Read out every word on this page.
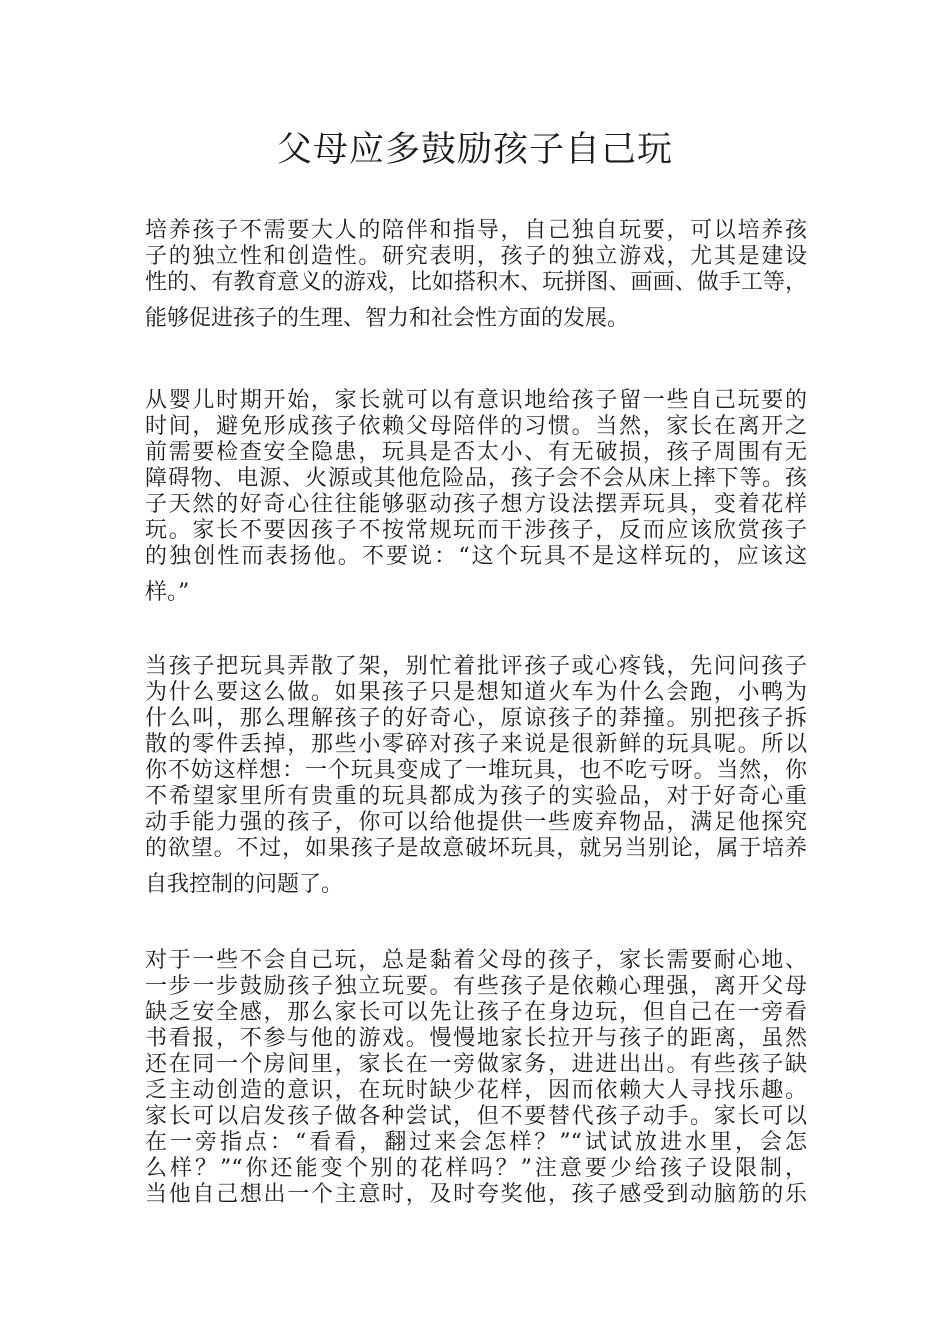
父母应多鼓励孩子自己玩
培养孩子不需要大人的陪伴和指导，自己独自玩要，可以培养孩
子的独立性和创造性。研究表明，孩子的独立游戏，尤其是建设
性的、有教育意义的游戏，比如搭积木、玩拼图、画画、做手工等，
能够促进孩子的生理、智力和社会性方面的发展。
从婴儿时期开始，家长就可以有意识地给孩子留一些自己玩要的
时间，避免形成孩子依赖父母陪伴的习惯。当然，家长在离开之
前需要检查安全隐患，玩具是否太小、有无破损，孩子周围有无
障碍物、电源、火源或其他危险品，孩子会不会从床上摔下等。孩
子天然的好奇心往往能够驱动孩子想方设法摆弄玩具，变着花样
玩。家长不要因孩子不按常规玩而干涉孩子，反而应该欣赏孩子
的独创性而表扬他。不要说：“这个玩具不是这样玩的，应该这
样。”
当孩子把玩具弄散了架，别忙着批评孩子或心疼钱，先问问孩子
为什么要这么做。如果孩子只是想知道火车为什么会跑，小鸭为
什么叫，那么理解孩子的好奇心，原谅孩子的莽撞。别把孩子拆
散的零件丢掉，那些小零碎对孩子来说是很新鲜的玩具呢。所以
你不妨这样想：一个玩具变成了一堆玩具，也不吃亏呀。当然，你
不希望家里所有贵重的玩具都成为孩子的实验品，对于好奇心重
动手能力强的孩子，你可以给他提供一些废弃物品，满足他探究
的欲望。不过，如果孩子是故意破坏玩具，就另当别论，属于培养
自我控制的问题了。
对于一些不会自己玩，总是黏着父母的孩子，家长需要耐心地、
一步一步鼓励孩子独立玩要。有些孩子是依赖心理强，离开父母
缺乏安全感，那么家长可以先让孩子在身边玩，但自己在一旁看
书看报，不参与他的游戏。慢慢地家长拉开与孩子的距离，虽然
还在同一个房间里，家长在一旁做家务，进进出出。有些孩子缺
乏主动创造的意识，在玩时缺少花样，因而依赖大人寻找乐趣。
家长可以启发孩子做各种尝试，但不要替代孩子动手。家长可以
在一旁指点：“看看，翻过来会怎样？”“试试放进水里，会怎
么样？”“你还能变个别的花样吗？”注意要少给孩子设限制，
当他自己想出一个主意时，及时夸奖他，孩子感受到动脑筋的乐
